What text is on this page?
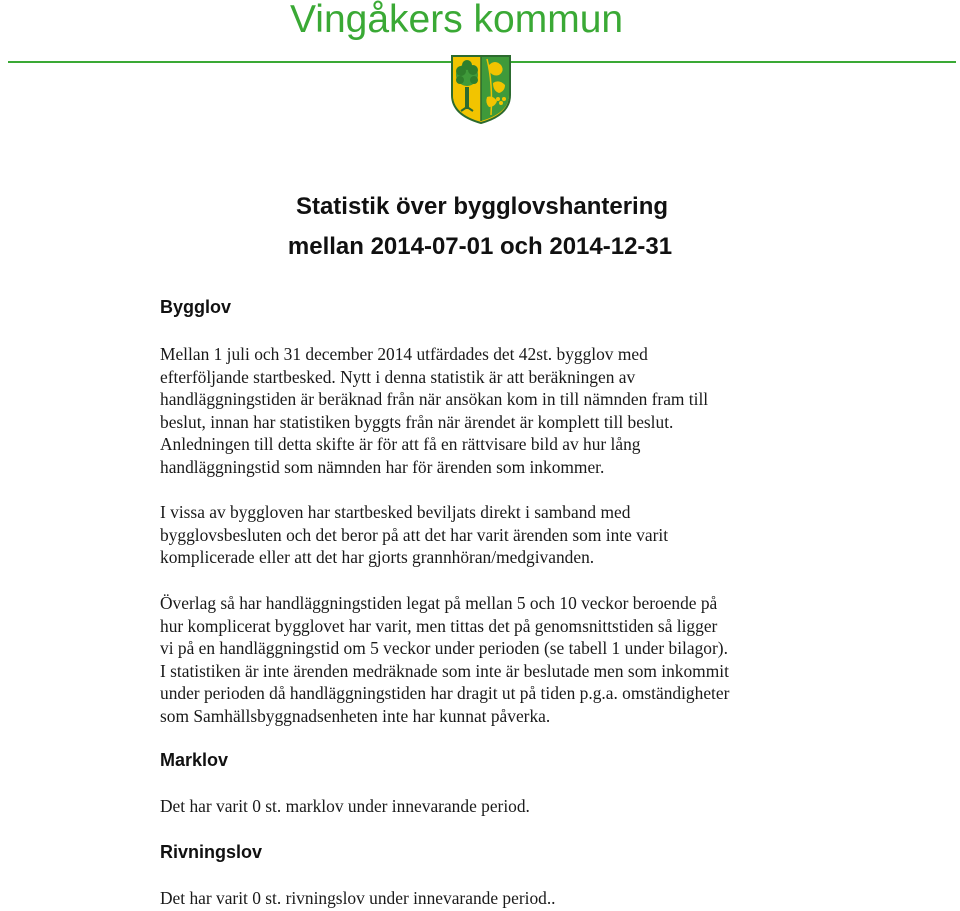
Vingåkers kommun
Statistik över bygglovshantering
mellan 2014-07-01 och 2014-12-31
Bygglov
Mellan 1 juli och 31 december 2014 utfärdades det 42st. bygglov med
efterföljande startbesked. Nytt i denna statistik är att beräkningen av
handläggningstiden är beräknad från när ansökan kom in till nämnden fram till
beslut, innan har statistiken byggts från när ärendet är komplett till beslut.
Anledningen till detta skifte är för att få en rättvisare bild av hur lång
handläggningstid som nämnden har för ärenden som inkommer.
I vissa av byggloven har startbesked beviljats direkt i samband med
bygglovsbesluten och det beror på att det har varit ärenden som inte varit
komplicerade eller att det har gjorts grannhöran/medgivanden.
Överlag så har handläggningstiden legat på mellan 5 och 10 veckor beroende på
hur komplicerat bygglovet har varit, men tittas det på genomsnittstiden så ligger
vi på en handläggningstid om 5 veckor under perioden (se tabell 1 under bilagor).
I statistiken är inte ärenden medräknade som inte är beslutade men som inkommit
under perioden då handläggningstiden har dragit ut på tiden p.g.a. omständigheter
som Samhällsbyggnadsenheten inte har kunnat påverka.
Marklov
Det har varit 0 st. marklov under innevarande period.
Rivningslov
Det har varit 0 st. rivningslov under innevarande period..
